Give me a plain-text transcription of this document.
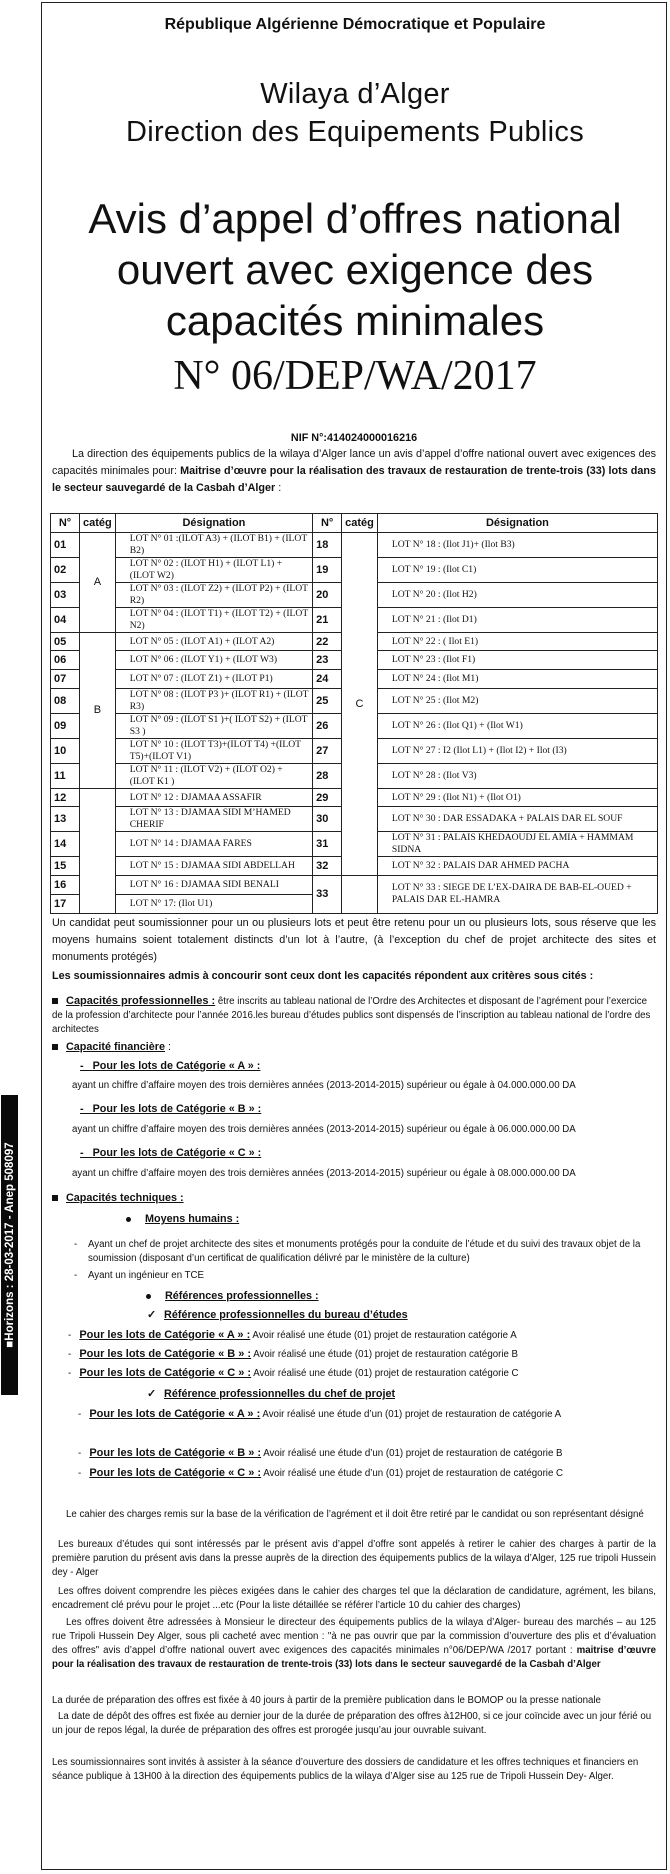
■Horizons : 28-03-2017 - Anep 508097
République Algérienne Démocratique et Populaire
Wilaya d’Alger
Direction des Equipements Publics
Avis d’appel d’offres national
ouvert avec exigence des
capacités minimales
N° 06/DEP/WA/2017
NIF N°:414024000016216
La direction des équipements publics de la wilaya d’Alger lance un avis d’appel d’offre national ouvert avec exigences des capacités minimales pour: Maitrise d’œuvre pour la réalisation des travaux de restauration de trente-trois (33) lots dans le secteur sauvegardé de la Casbah d’Alger :
N°	catég	Désignation	N°	catég	Désignation
01	A	LOT N° 01 :(ILOT A3) + (ILOT B1) + (ILOT B2)	18	C	LOT N° 18 : (Ilot J1)+ (Ilot B3)
02		LOT N° 02 : (ILOT H1) + (ILOT L1) + (ILOT W2)	19		LOT N° 19 : (Ilot C1)
03		LOT N° 03 : (ILOT Z2) + (ILOT P2) + (ILOT R2)	20		LOT N° 20 : (Ilot H2)
04		LOT N° 04 : (ILOT T1) + (ILOT T2) + (ILOT N2)	21		LOT N° 21 : (Ilot D1)
05	B	LOT N° 05 : (ILOT A1) + (ILOT A2)	22		LOT N° 22 : ( Ilot E1)
06		LOT N° 06 : (ILOT Y1) + (ILOT W3)	23		LOT N° 23 : (Ilot F1)
07		LOT N° 07 : (ILOT Z1) + (ILOT P1)	24		LOT N° 24 : (Ilot M1)
08		LOT N° 08 : (ILOT P3 )+ (ILOT R1) + (ILOT R3)	25		LOT N° 25 : (Ilot M2)
09		LOT N° 09 : (ILOT S1 )+( ILOT S2) + (ILOT S3 )	26		LOT N° 26 : (Ilot Q1) + (Ilot W1)
10		LOT N° 10 : (ILOT T3)+(ILOT T4) +(ILOT T5)+(ILOT V1)	27		LOT N° 27 : I2 (Ilot L1) + (Ilot I2) + Ilot (I3)
11		LOT N° 11 : (ILOT V2) + (ILOT O2) + (ILOT K1 )	28		LOT N° 28 : (Ilot V3)
12		LOT N° 12 : DJAMAA ASSAFIR	29		LOT N° 29 : (Ilot N1) + (Ilot O1)
13		LOT N° 13 : DJAMAA SIDI M’HAMED CHERIF	30		LOT N° 30 : DAR ESSADAKA + PALAIS DAR EL SOUF
14		LOT N° 14 : DJAMAA FARES	31		LOT N° 31 : PALAIS KHEDAOUDJ EL AMIA + HAMMAM SIDNA
15		LOT N° 15 : DJAMAA SIDI ABDELLAH	32		LOT N° 32 : PALAIS DAR AHMED PACHA
16		LOT N° 16 : DJAMAA SIDI BENALI	33		LOT N° 33 : SIEGE DE L’EX-DAIRA DE BAB-EL-OUED + PALAIS DAR EL-HAMRA
17		LOT N° 17: (Ilot U1)			
Un candidat peut soumissionner pour un ou plusieurs lots et peut être retenu pour un ou plusieurs lots, sous réserve que les moyens humains soient totalement distincts d’un lot à l’autre, (à l’exception du chef de projet architecte des sites et monuments protégés)
Les soumissionnaires admis à concourir sont ceux dont les capacités répondent aux critères sous cités :
Capacités professionnelles : être inscrits au tableau national de l’Ordre des Architectes et disposant de l’agrément pour l’exercice de la profession d’architecte pour l’année 2016.les bureau d’études publics sont dispensés de l’inscription au tableau national de l’ordre des architectes
Capacité financière :
-   Pour les lots de Catégorie « A » :
ayant un chiffre d’affaire moyen des trois dernières années (2013-2014-2015) supérieur ou égale à 04.000.000.00 DA
-   Pour les lots de Catégorie « B » :
ayant un chiffre d’affaire moyen des trois dernières années (2013-2014-2015) supérieur ou égale à 06.000.000.00 DA
-   Pour les lots de Catégorie « C » :
ayant un chiffre d’affaire moyen des trois dernières années (2013-2014-2015) supérieur ou égale à 08.000.000.00 DA
Capacités techniques :
Moyens humains :
- Ayant un chef de projet architecte des sites et monuments protégés pour la conduite de l’étude et du suivi des travaux objet de la soumission (disposant d’un certificat de qualification délivré par le ministère de la culture)
- Ayant un ingénieur en TCE
Références professionnelles :
✓ Référence professionnelles du bureau d’études
-   Pour les lots de Catégorie « A » : Avoir réalisé une étude (01) projet de restauration catégorie A
-   Pour les lots de Catégorie « B » : Avoir réalisé une étude (01) projet de restauration catégorie B
-   Pour les lots de Catégorie « C » : Avoir réalisé une étude (01) projet de restauration catégorie C
✓ Référence professionnelles du chef de projet
-   Pour les lots de Catégorie « A » : Avoir réalisé une étude d’un (01) projet de restauration de catégorie A
-   Pour les lots de Catégorie « B » : Avoir réalisé une étude d’un (01) projet de restauration de catégorie B
-   Pour les lots de Catégorie « C » : Avoir réalisé une étude d’un (01) projet de restauration de catégorie C
Le cahier des charges remis sur la base de la vérification de l’agrément et il doit être retiré par le candidat ou son représentant désigné
Les bureaux d’études qui sont intéressés par le présent avis d’appel d’offre sont appelés à retirer le cahier des charges à partir de la première parution du présent avis dans la presse auprès de la direction des équipements publics de la wilaya d’Alger, 125 rue tripoli Hussein dey - Alger
Les offres doivent comprendre les pièces exigées dans le cahier des charges tel que la déclaration de candidature, agrément, les bilans, encadrement clé prévu pour le projet ...etc (Pour la liste détaillée se référer l’article 10 du cahier des charges)
Les offres doivent être adressées à Monsieur le directeur des équipements publics de la wilaya d’Alger- bureau des marchés – au 125 rue Tripoli Hussein Dey Alger, sous pli cacheté avec mention : "à ne pas ouvrir que par la commission d’ouverture des plis et d’évaluation des offres" avis d’appel d’offre national ouvert avec exigences des capacités minimales n°06/DEP/WA /2017 portant : maitrise d’œuvre pour la réalisation des travaux de restauration de trente-trois (33) lots dans le secteur sauvegardé de la Casbah d’Alger
La durée de préparation des offres est fixée à 40 jours à partir de la première publication dans le BOMOP ou la presse nationale
La date de dépôt des offres est fixée au dernier jour de la durée de préparation des offres à12H00, si ce jour coïncide avec un jour férié ou un jour de repos légal, la durée de préparation des offres est prorogée jusqu’au jour ouvrable suivant.
Les soumissionnaires sont invités à assister à la séance d’ouverture des dossiers de candidature et les offres techniques et financiers en séance publique à 13H00 à la direction des équipements publics de la wilaya d’Alger sise au 125 rue de Tripoli Hussein Dey- Alger.
